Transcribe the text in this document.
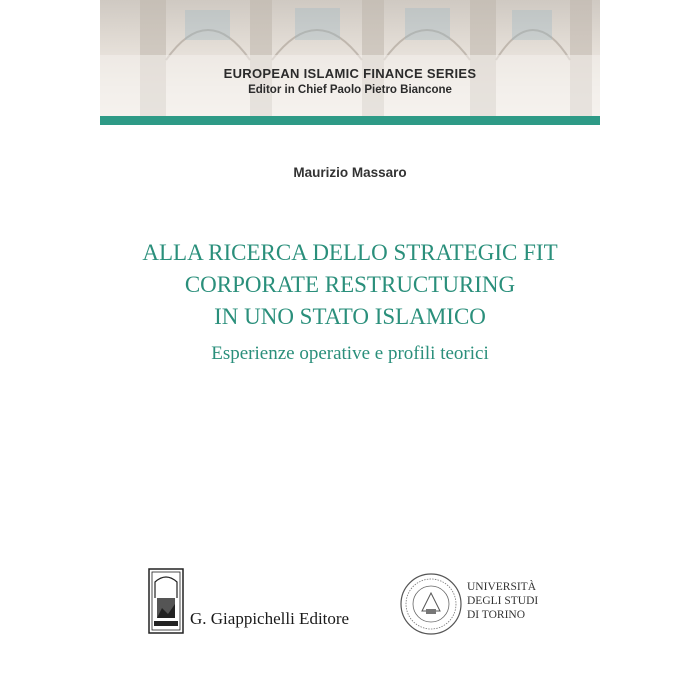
EUROPEAN ISLAMIC FINANCE SERIES
Editor in Chief Paolo Pietro Biancone
Maurizio Massaro
ALLA RICERCA DELLO STRATEGIC FIT
CORPORATE RESTRUCTURING
IN UNO STATO ISLAMICO
Esperienze operative e profili teorici
G. Giappichelli Editore
UNIVERSITÀ
DEGLI STUDI
DI TORINO
